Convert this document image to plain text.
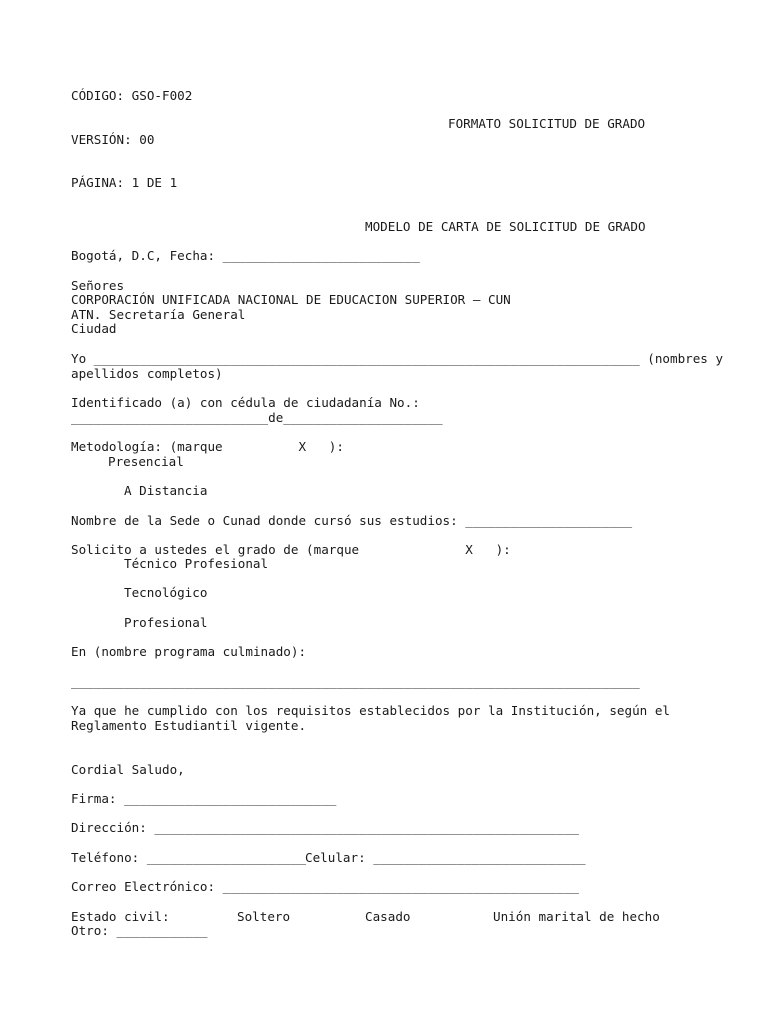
CÓDIGO: GSO-F002
FORMATO SOLICITUD DE GRADO
VERSIÓN: 00
PÁGINA: 1 DE 1
MODELO DE CARTA DE SOLICITUD DE GRADO
Bogotá, D.C, Fecha: __________________________
Señores
CORPORACIÓN UNIFICADA NACIONAL DE EDUCACION SUPERIOR – CUN
ATN. Secretaría General
Ciudad
Yo ________________________________________________________________________ (nombres y
apellidos completos)
Identificado (a) con cédula de ciudadanía No.:
__________________________de_____________________
Metodología: (marque          X   ):
Presencial
A Distancia
Nombre de la Sede o Cunad donde cursó sus estudios: ______________________
Solicito a ustedes el grado de (marque              X   ):
Técnico Profesional
Tecnológico
Profesional
En (nombre programa culminado):
___________________________________________________________________________
Ya que he cumplido con los requisitos establecidos por la Institución, según el
Reglamento Estudiantil vigente.
Cordial Saludo,
Firma: ____________________________
Dirección: ________________________________________________________
Teléfono: _____________________
Celular: ____________________________
Correo Electrónico: _______________________________________________
Estado civil:	Soltero	Casado	Unión marital de hecho
Otro: ____________
